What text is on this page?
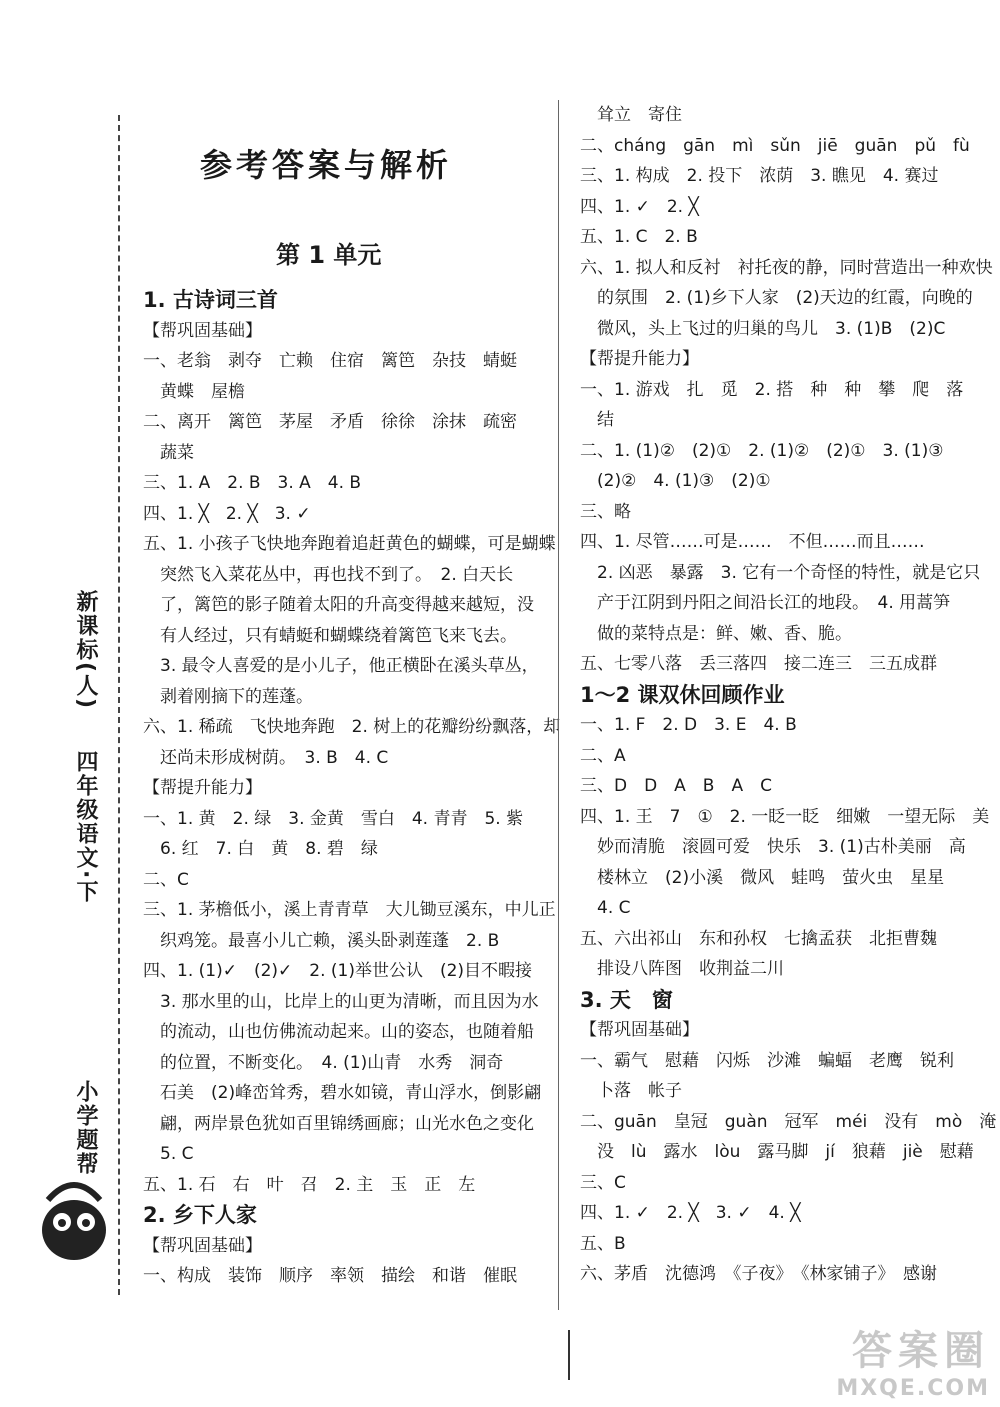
小学题帮
四年级语文·下
新课标(人)
参考答案与解析
第 1 单元
1. 古诗词三首
【帮巩固基础】
一、老翁　剥夺　亡赖　住宿　篱笆　杂技　蜻蜓
黄蝶　屋檐
二、离开　篱笆　茅屋　矛盾　徐徐　涂抹　疏密
蔬菜
三、1. A　2. B　3. A　4. B
四、1. ╳　2. ╳　3. ✓
五、1. 小孩子飞快地奔跑着追赶黄色的蝴蝶，可是蝴蝶
突然飞入菜花丛中，再也找不到了。　2. 白天长
了，篱笆的影子随着太阳的升高变得越来越短，没
有人经过，只有蜻蜓和蝴蝶绕着篱笆飞来飞去。
3. 最令人喜爱的是小儿子，他正横卧在溪头草丛，
剥着刚摘下的莲蓬。
六、1. 稀疏　飞快地奔跑　2. 树上的花瓣纷纷飘落，却
还尚未形成树荫。　3. B　4. C
【帮提升能力】
一、1. 黄　2. 绿　3. 金黄　雪白　4. 青青　5. 紫
6. 红　7. 白　黄　8. 碧　绿
二、C
三、1. 茅檐低小，溪上青青草　大儿锄豆溪东，中儿正
织鸡笼。最喜小儿亡赖，溪头卧剥莲蓬　2. B
四、1. (1)✓　(2)✓　2. (1)举世公认　(2)目不暇接
3. 那水里的山，比岸上的山更为清晰，而且因为水
的流动，山也仿佛流动起来。山的姿态，也随着船
的位置，不断变化。　4. (1)山青　水秀　洞奇
石美　(2)峰峦耸秀，碧水如镜，青山浮水，倒影翩
翩，两岸景色犹如百里锦绣画廊；山光水色之变化
5. C
五、1. 石　右　叶　召　2. 主　玉　正　左
2. 乡下人家
【帮巩固基础】
一、构成　装饰　顺序　率领　描绘　和谐　催眠
耸立　寄住
二、cháng　gān　mì　sǔn　jiē　guān　pǔ　fù
三、1. 构成　2. 投下　浓荫　3. 瞧见　4. 赛过
四、1. ✓　2. ╳
五、1. C　2. B
六、1. 拟人和反衬　衬托夜的静，同时营造出一种欢快
的氛围　2. (1)乡下人家　(2)天边的红霞，向晚的
微风，头上飞过的归巢的鸟儿　3. (1)B　(2)C
【帮提升能力】
一、1. 游戏　扎　觅　2. 搭　种　种　攀　爬　落
结
二、1. (1)②　(2)①　2. (1)②　(2)①　3. (1)③
(2)②　4. (1)③　(2)①
三、略
四、1. 尽管……可是……　不但……而且……
2. 凶恶　暴露　3. 它有一个奇怪的特性，就是它只
产于江阴到丹阳之间沿长江的地段。　4. 用蒿笋
做的菜特点是：鲜、嫩、香、脆。
五、七零八落　丢三落四　接二连三　三五成群
1～2 课双休回顾作业
一、1. F　2. D　3. E　4. B
二、A
三、D　D　A　B　A　C
四、1. 王　7　①　2. 一眨一眨　细嫩　一望无际　美
妙而清脆　滚圆可爱　快乐　3. (1)古朴美丽　高
楼林立　(2)小溪　微风　蛙鸣　萤火虫　星星
4. C
五、六出祁山　东和孙权　七擒孟获　北拒曹魏
排设八阵图　收荆益二川
3. 天　窗
【帮巩固基础】
一、霸气　慰藉　闪烁　沙滩　蝙蝠　老鹰　锐利
卜落　帐子
二、guān　皇冠　guàn　冠军　méi　没有　mò　淹
没　lù　露水　lòu　露马脚　jí　狼藉　jiè　慰藉
三、C
四、1. ✓　2. ╳　3. ✓　4. ╳
五、B
六、茅盾　沈德鸿　《子夜》　《林家铺子》　感谢
答案圈
MXQE.COM
